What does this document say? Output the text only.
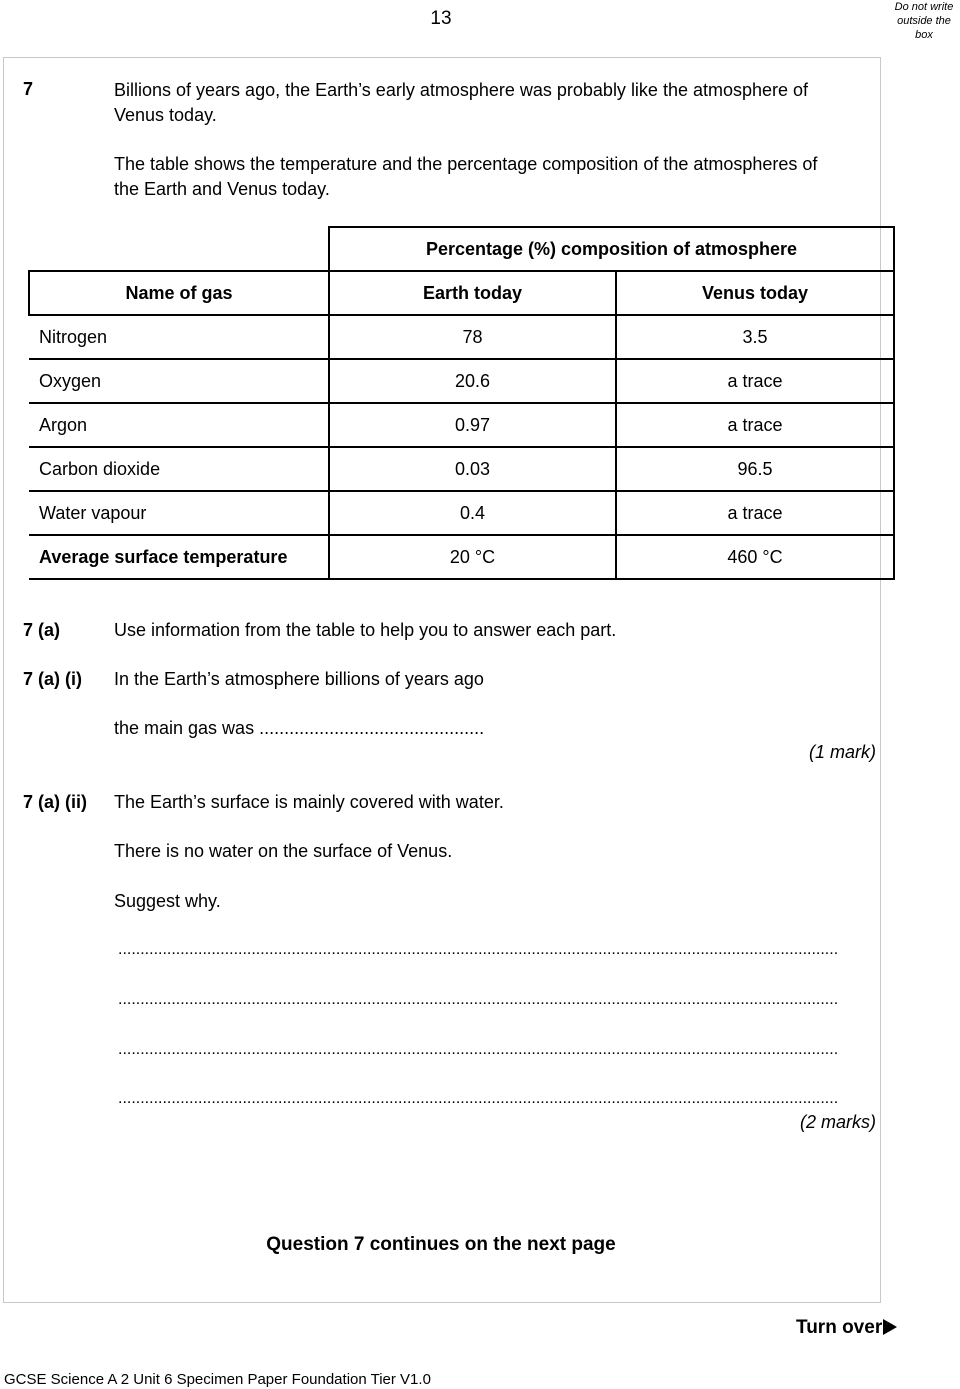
13
Do not write
outside the
box
7	Billions of years ago, the Earth’s early atmosphere was probably like the atmosphere of
Venus today.
The table shows the temperature and the percentage composition of the atmospheres of
the Earth and Venus today.
	Percentage (%) composition of atmosphere	
Name of gas	Earth today	Venus today
Nitrogen	78	3.5
Oxygen	20.6	a trace
Argon	0.97	a trace
Carbon dioxide	0.03	96.5
Water vapour	0.4	a trace
Average surface temperature	20 °C	460 °C
7 (a)	Use information from the table to help you to answer each part.
7 (a) (i) In the Earth’s atmosphere billions of years ago
the main gas was .............................................
(1 mark)
7 (a) (ii) The Earth’s surface is mainly covered with water.
There is no water on the surface of Venus.
Suggest why.
..................................................................................................................................................................
..................................................................................................................................................................
..................................................................................................................................................................
..................................................................................................................................................................
(2 marks)
Question 7 continues on the next page
Turn over
GCSE Science A 2 Unit 6 Specimen Paper Foundation Tier V1.0
